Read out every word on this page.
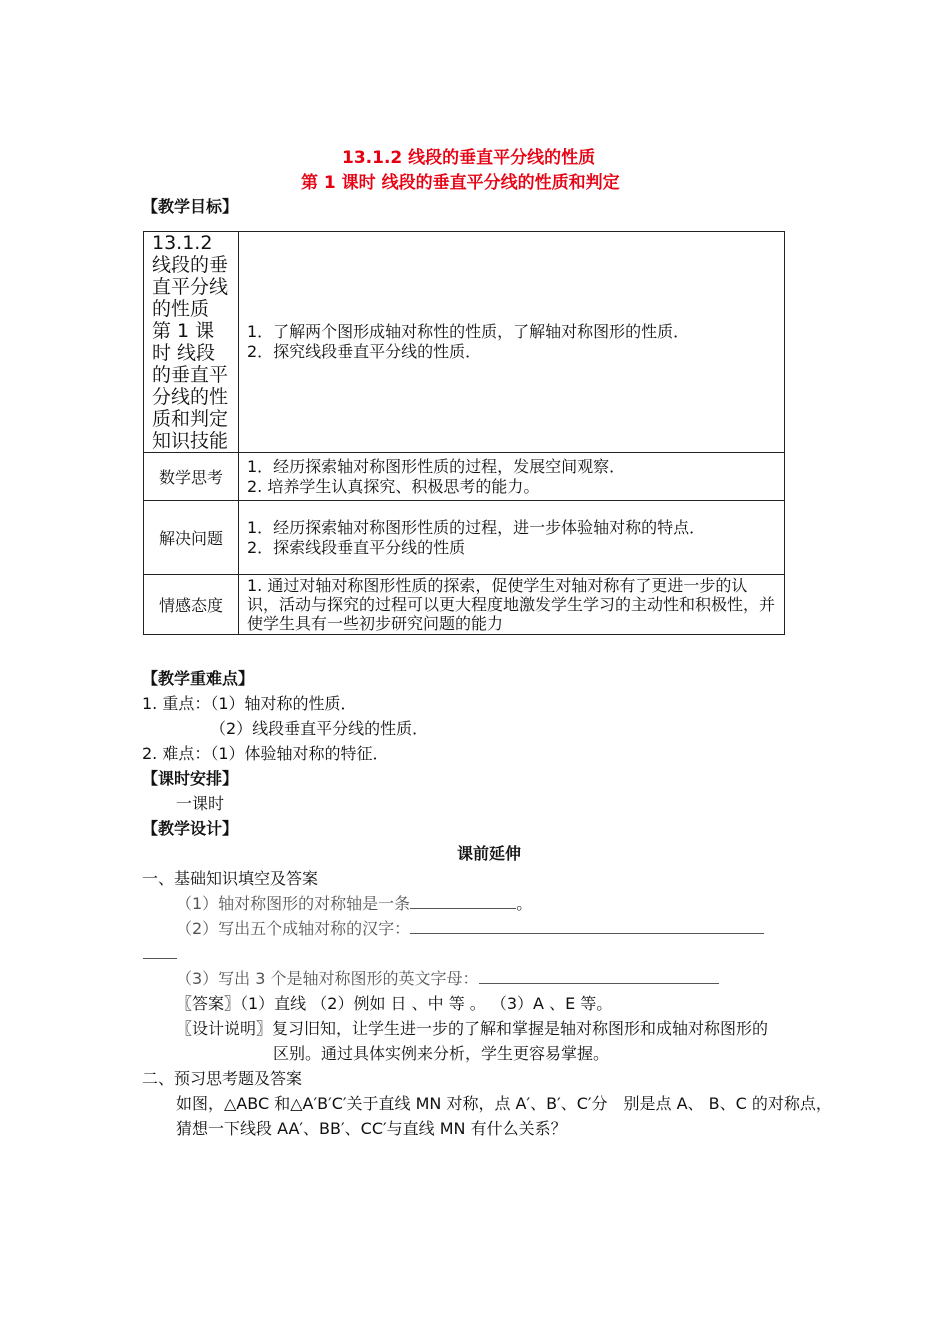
13.1.2 线段的垂直平分线的性质
第 1 课时 线段的垂直平分线的性质和判定
【教学目标】
13.1.2 线段的垂直平分线的性质 第 1 课时 线段的垂直平分线的性质和判定知识技能	1．了解两个图形成轴对称性的性质，了解轴对称图形的性质．
2．探究线段垂直平分线的性质．

数学思考	1．经历探索轴对称图形性质的过程，发展空间观察．
2. 培养学生认真探究、积极思考的能力。

解决问题	1．经历探索轴对称图形性质的过程，进一步体验轴对称的特点．
2．探索线段垂直平分线的性质

情感态度	1. 通过对轴对称图形性质的探索，促使学生对轴对称有了更进一步的认识，活动与探究的过程可以更大程度地激发学生学习的主动性和积极性，并使学生具有一些初步研究问题的能力
【教学重难点】
1. 重点：（1）轴对称的性质．
（2）线段垂直平分线的性质．
2. 难点：（1）体验轴对称的特征．
【课时安排】
一课时
【教学设计】
课前延伸
一、基础知识填空及答案
（1）轴对称图形的对称轴是一条	。
（2）写出五个成轴对称的汉字：
（3）写出 3 个是轴对称图形的英文字母：
〖答案〗（1）直线 （2）例如 日 、中 等 。 （3）A 、E 等。
〖设计说明〗复习旧知，让学生进一步的了解和掌握是轴对称图形和成轴对称图形的
区别。通过具体实例来分析，学生更容易掌握。
二、预习思考题及答案
如图，△ABC 和△A′B′C′关于直线 MN 对称，点 A′、B′、C′分　别是点 A、 B、C 的对称点，
猜想一下线段 AA′、BB′、CC′与直线 MN 有什么关系？
